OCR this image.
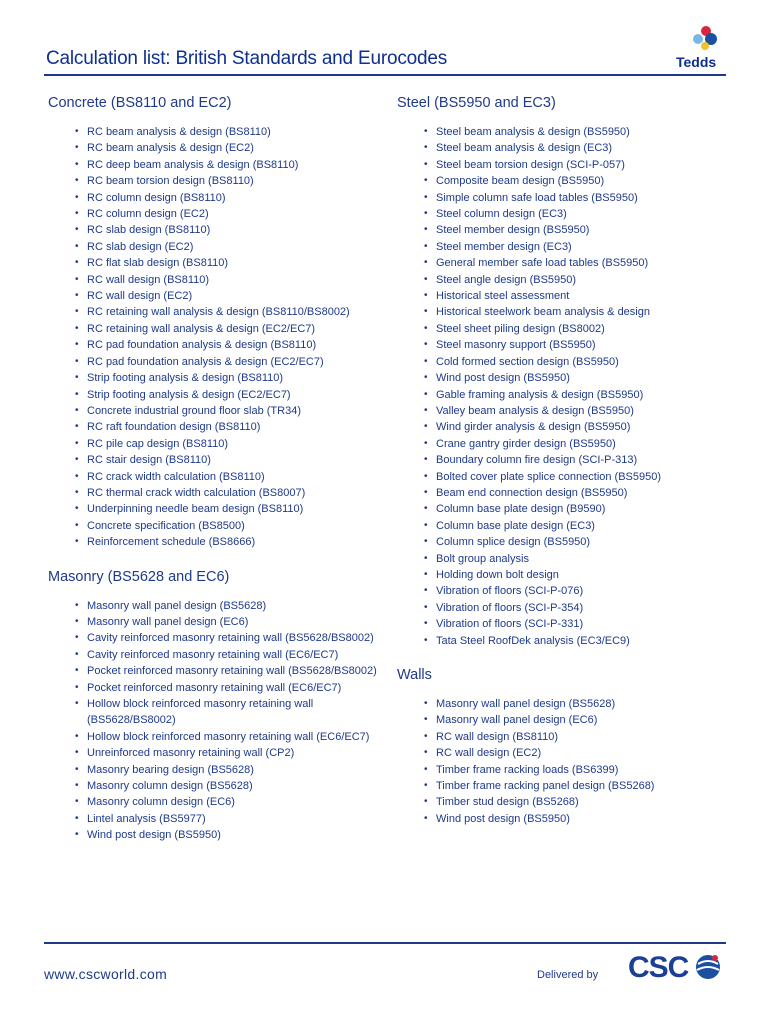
Calculation list: British Standards and Eurocodes	Tedds
Concrete (BS8110 and EC2)
• RC beam analysis & design (BS8110)
• RC beam analysis & design (EC2)
• RC deep beam analysis & design (BS8110)
• RC beam torsion design (BS8110)
• RC column design (BS8110)
• RC column design (EC2)
• RC slab design (BS8110)
• RC slab design (EC2)
• RC flat slab design (BS8110)
• RC wall design (BS8110)
• RC wall design (EC2)
• RC retaining wall analysis & design (BS8110/BS8002)
• RC retaining wall analysis & design (EC2/EC7)
• RC pad foundation analysis & design (BS8110)
• RC pad foundation analysis & design (EC2/EC7)
• Strip footing analysis & design (BS8110)
• Strip footing analysis & design (EC2/EC7)
• Concrete industrial ground floor slab (TR34)
• RC raft foundation design (BS8110)
• RC pile cap design (BS8110)
• RC stair design (BS8110)
• RC crack width calculation (BS8110)
• RC thermal crack width calculation (BS8007)
• Underpinning needle beam design (BS8110)
• Concrete specification (BS8500)
• Reinforcement schedule (BS8666)
Masonry (BS5628 and EC6)
• Masonry wall panel design (BS5628)
• Masonry wall panel design (EC6)
• Cavity reinforced masonry retaining wall (BS5628/BS8002)
• Cavity reinforced masonry retaining wall (EC6/EC7)
• Pocket reinforced masonry retaining wall (BS5628/BS8002)
• Pocket reinforced masonry retaining wall (EC6/EC7)
• Hollow block reinforced masonry retaining wall (BS5628/BS8002)
• Hollow block reinforced masonry retaining wall (EC6/EC7)
• Unreinforced masonry retaining wall (CP2)
• Masonry bearing design (BS5628)
• Masonry column design (BS5628)
• Masonry column design (EC6)
• Lintel analysis (BS5977)
• Wind post design (BS5950)
Steel (BS5950 and EC3)
• Steel beam analysis & design (BS5950)
• Steel beam analysis & design (EC3)
• Steel beam torsion design (SCI-P-057)
• Composite beam design (BS5950)
• Simple column safe load tables (BS5950)
• Steel column design (EC3)
• Steel member design (BS5950)
• Steel member design (EC3)
• General member safe load tables (BS5950)
• Steel angle design (BS5950)
• Historical steel assessment
• Historical steelwork beam analysis & design
• Steel sheet piling design (BS8002)
• Steel masonry support (BS5950)
• Cold formed section design (BS5950)
• Wind post design (BS5950)
• Gable framing analysis & design (BS5950)
• Valley beam analysis & design (BS5950)
• Wind girder analysis & design (BS5950)
• Crane gantry girder design (BS5950)
• Boundary column fire design (SCI-P-313)
• Bolted cover plate splice connection (BS5950)
• Beam end connection design (BS5950)
• Column base plate design (B9590)
• Column base plate design (EC3)
• Column splice design (BS5950)
• Bolt group analysis
• Holding down bolt design
• Vibration of floors (SCI-P-076)
• Vibration of floors (SCI-P-354)
• Vibration of floors (SCI-P-331)
• Tata Steel RoofDek analysis (EC3/EC9)
Walls
• Masonry wall panel design (BS5628)
• Masonry wall panel design (EC6)
• RC wall design (BS8110)
• RC wall design (EC2)
• Timber frame racking loads (BS6399)
• Timber frame racking panel design (BS5268)
• Timber stud design (BS5268)
• Wind post design (BS5950)
www.cscworld.com	Delivered by CSC
